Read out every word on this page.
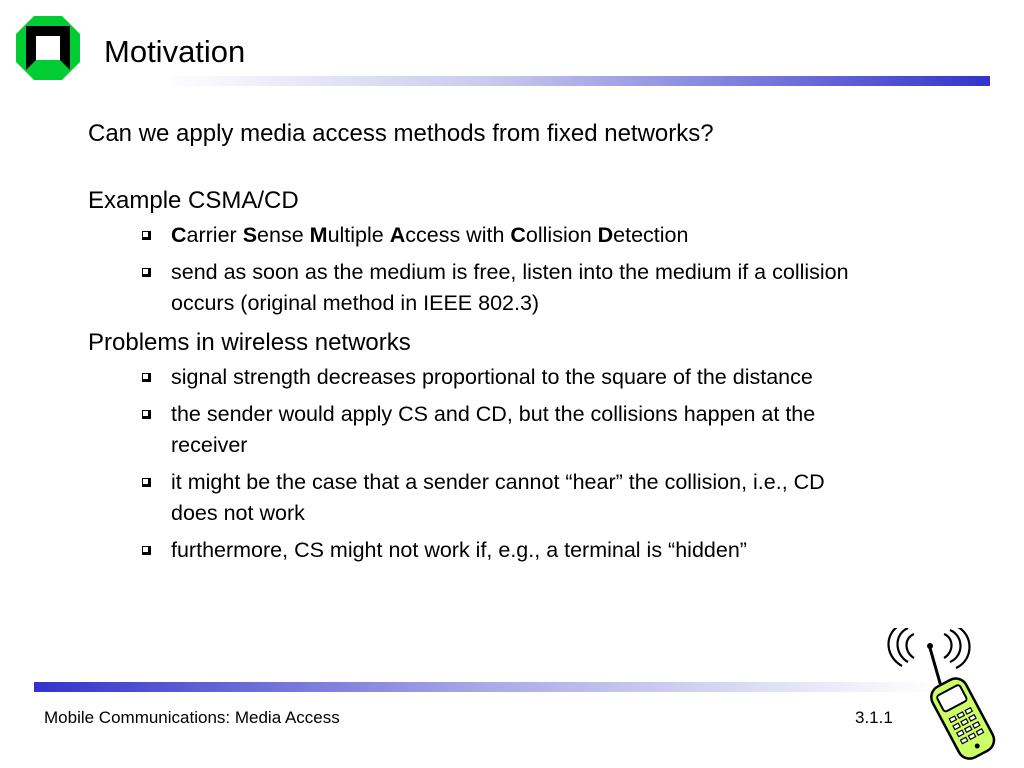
Motivation
Can we apply media access methods from fixed networks?
Example CSMA/CD
Carrier Sense Multiple Access with Collision Detection
send as soon as the medium is free, listen into the medium if a collision occurs (original method in IEEE 802.3)
Problems in wireless networks
signal strength decreases proportional to the square of the distance
the sender would apply CS and CD, but the collisions happen at the receiver
it might be the case that a sender cannot “hear” the collision, i.e., CD does not work
furthermore, CS might not work if, e.g., a terminal is “hidden”
Mobile Communications: Media Access	3.1.1
